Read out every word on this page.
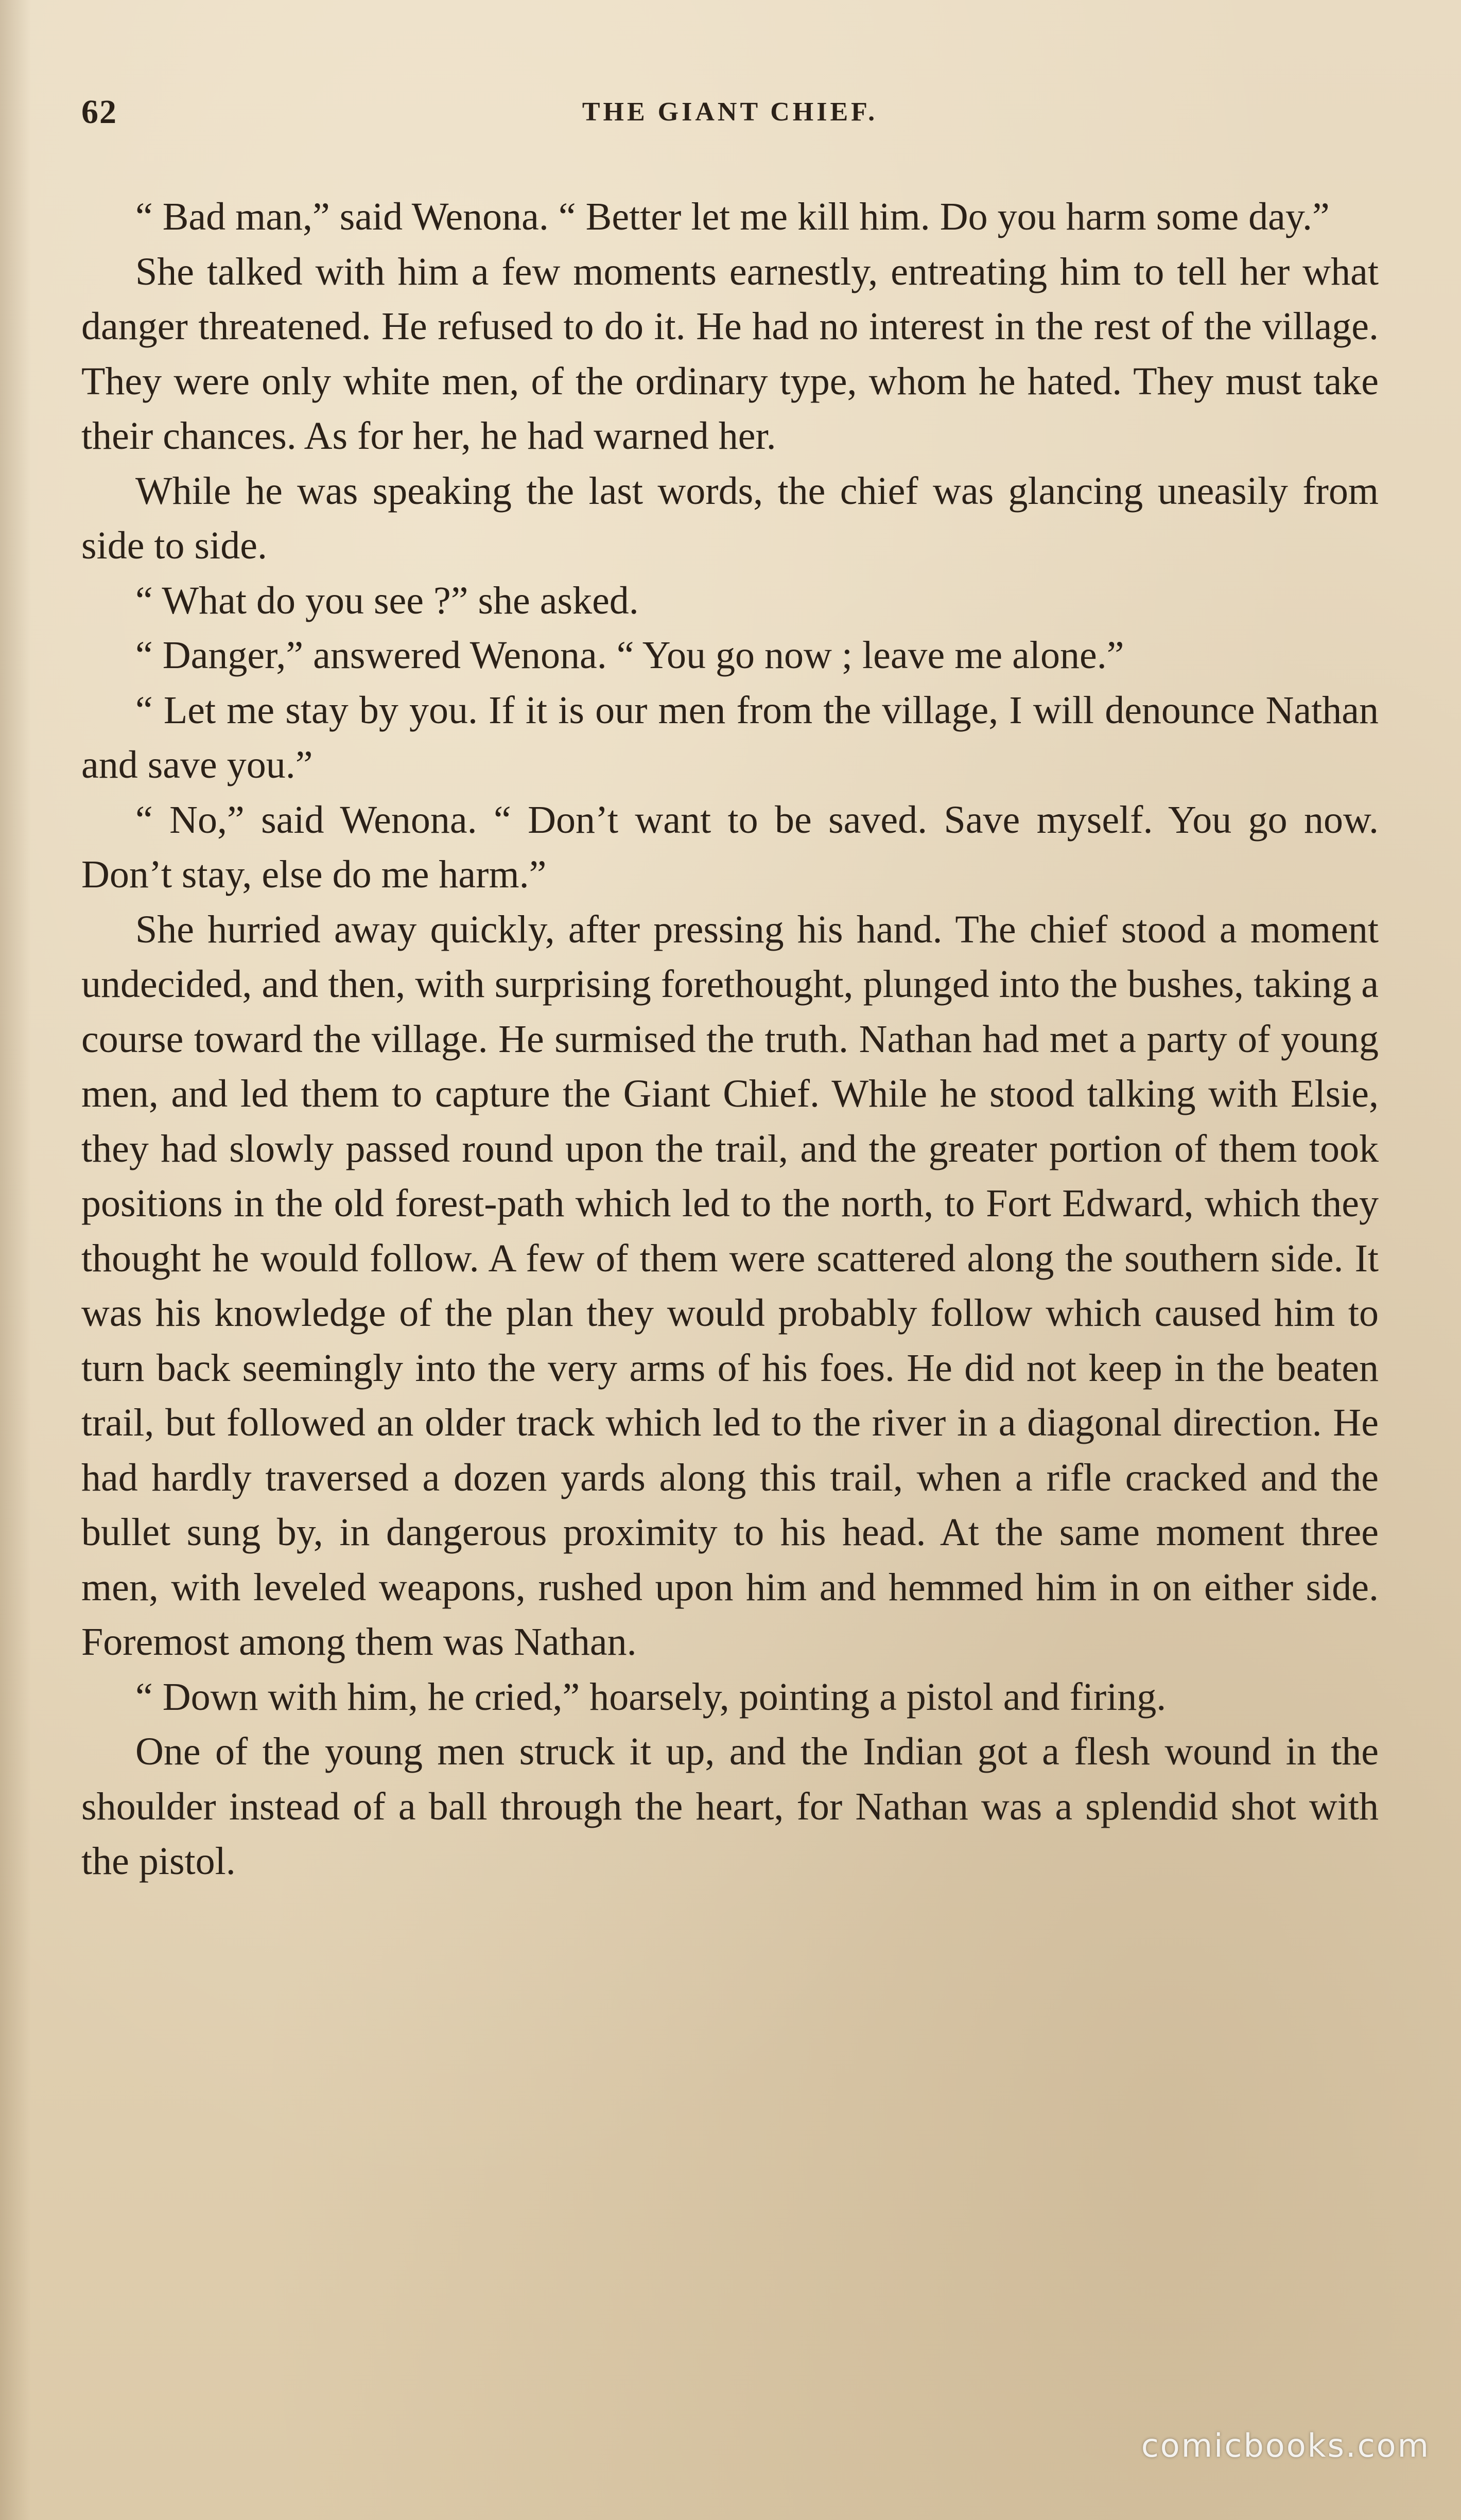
62	THE GIANT CHIEF.

“ Bad man,” said Wenona. “ Better let me kill him. Do you harm some day.”

She talked with him a few moments earnestly, entreating him to tell her what danger threatened. He refused to do it. He had no interest in the rest of the village. They were only white men, of the ordinary type, whom he hated. They must take their chances. As for her, he had warned her.

While he was speaking the last words, the chief was glancing uneasily from side to side.

“ What do you see ?” she asked.

“ Danger,” answered Wenona. “ You go now ; leave me alone.”

“ Let me stay by you. If it is our men from the village, I will denounce Nathan and save you.”

“ No,” said Wenona. “ Don’t want to be saved. Save myself. You go now. Don’t stay, else do me harm.”

She hurried away quickly, after pressing his hand. The chief stood a moment undecided, and then, with surprising forethought, plunged into the bushes, taking a course toward the village. He surmised the truth. Nathan had met a party of young men, and led them to capture the Giant Chief. While he stood talking with Elsie, they had slowly passed round upon the trail, and the greater portion of them took positions in the old forest-path which led to the north, to Fort Edward, which they thought he would follow. A few of them were scattered along the southern side. It was his knowledge of the plan they would probably follow which caused him to turn back seemingly into the very arms of his foes. He did not keep in the beaten trail, but followed an older track which led to the river in a diagonal direction. He had hardly traversed a dozen yards along this trail, when a rifle cracked and the bullet sung by, in dangerous proximity to his head. At the same moment three men, with leveled weapons, rushed upon him and hemmed him in on either side. Foremost among them was Nathan.

“ Down with him, he cried,” hoarsely, pointing a pistol and firing.

One of the young men struck it up, and the Indian got a flesh wound in the shoulder instead of a ball through the heart, for Nathan was a splendid shot with the pistol.

comicbooks.com
